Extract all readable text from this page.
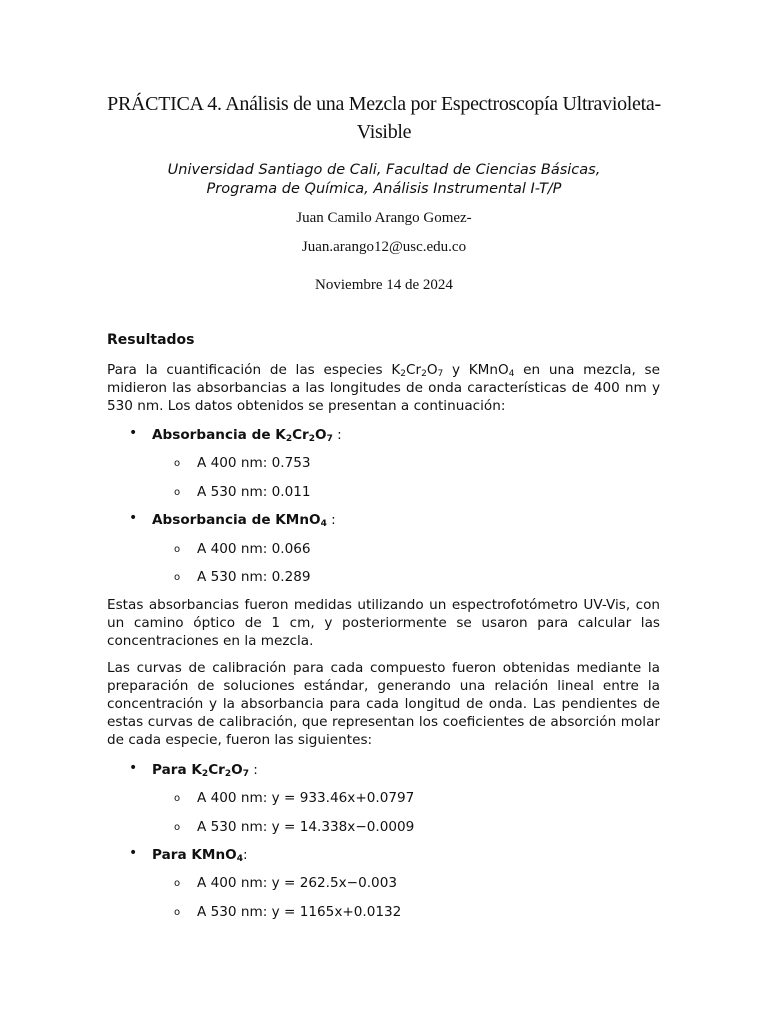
PRÁCTICA 4. Análisis de una Mezcla por Espectroscopía Ultravioleta-
Visible
Universidad Santiago de Cali, Facultad de Ciencias Básicas,
Programa de Química, Análisis Instrumental I-T/P
Juan Camilo Arango Gomez-
Juan.arango12@usc.edu.co
Noviembre 14 de 2024
Resultados
Para la cuantificación de las especies $K_2Cr_2O_7$ y KMnO$_4$ en una mezcla, se midieron las absorbancias a las longitudes de onda características de 400 nm y 530 nm. Los datos obtenidos se presentan a continuación:
• Absorbancia de $K_2Cr_2O_7$ :
o A 400 nm: 0.753
o A 530 nm: 0.011
• Absorbancia de KMnO$_4$ :
o A 400 nm: 0.066
o A 530 nm: 0.289
Estas absorbancias fueron medidas utilizando un espectrofotómetro UV-Vis, con un camino óptico de 1 cm, y posteriormente se usaron para calcular las concentraciones en la mezcla.
Las curvas de calibración para cada compuesto fueron obtenidas mediante la preparación de soluciones estándar, generando una relación lineal entre la concentración y la absorbancia para cada longitud de onda. Las pendientes de estas curvas de calibración, que representan los coeficientes de absorción molar de cada especie, fueron las siguientes:
• Para $K_2Cr_2O_7$ :
o A 400 nm: y = 933.46x+0.0797
o A 530 nm: y = 14.338x−0.0009
• Para KMnO$_4$:
o A 400 nm: y = 262.5x−0.003
o A 530 nm: y = 1165x+0.0132
